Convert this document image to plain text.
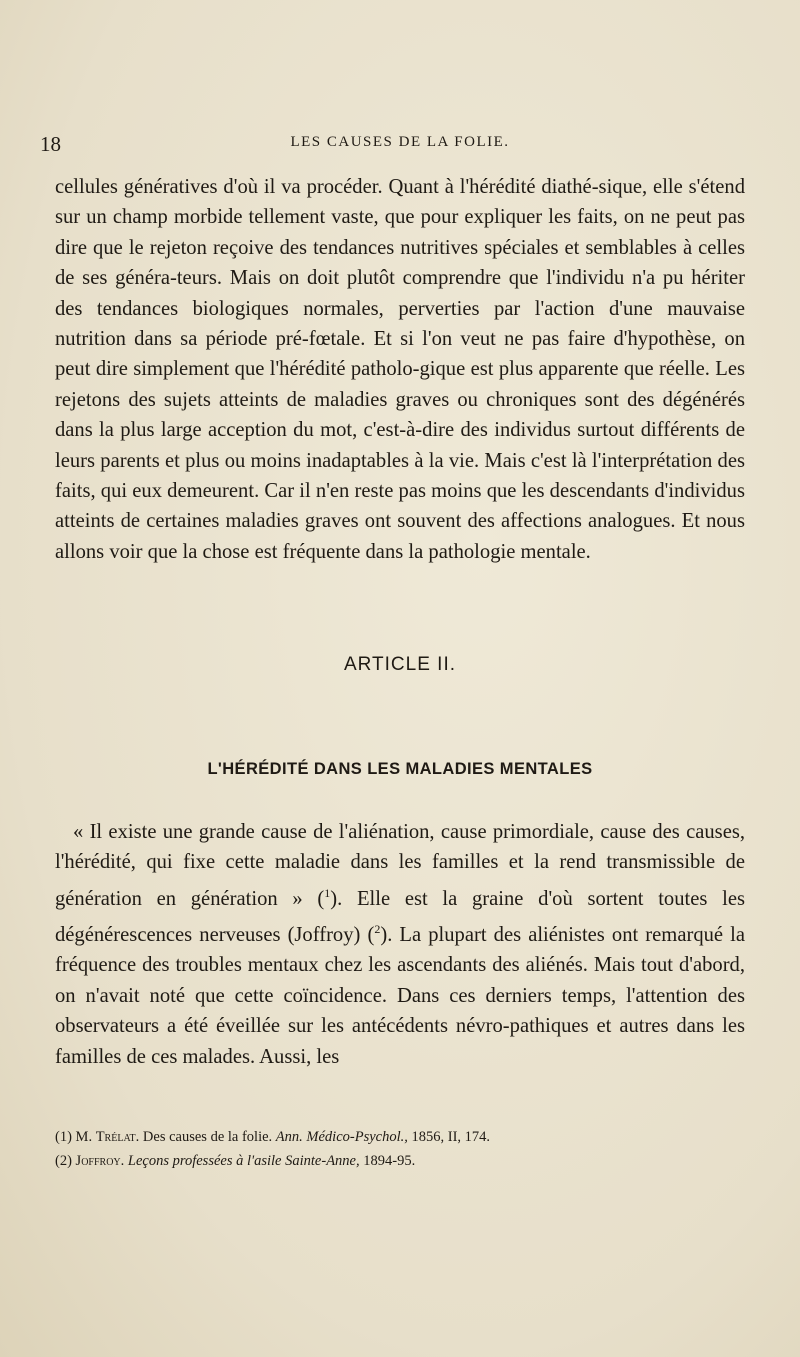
18	LES CAUSES DE LA FOLIE.

cellules génératives d'où il va procéder. Quant à l'hérédité diathé-sique, elle s'étend sur un champ morbide tellement vaste, que pour expliquer les faits, on ne peut pas dire que le rejeton reçoive des tendances nutritives spéciales et semblables à celles de ses généra-teurs. Mais on doit plutôt comprendre que l'individu n'a pu hériter des tendances biologiques normales, perverties par l'action d'une mauvaise nutrition dans sa période pré-fœtale. Et si l'on veut ne pas faire d'hypothèse, on peut dire simplement que l'hérédité patholo-gique est plus apparente que réelle. Les rejetons des sujets atteints de maladies graves ou chroniques sont des dégénérés dans la plus large acception du mot, c'est-à-dire des individus surtout différents de leurs parents et plus ou moins inadaptables à la vie. Mais c'est là l'interprétation des faits, qui eux demeurent. Car il n'en reste pas moins que les descendants d'individus atteints de certaines maladies graves ont souvent des affections analogues. Et nous allons voir que la chose est fréquente dans la pathologie mentale.

ARTICLE II.
L'HÉRÉDITÉ DANS LES MALADIES MENTALES

« Il existe une grande cause de l'aliénation, cause primordiale, cause des causes, l'hérédité, qui fixe cette maladie dans les familles et la rend transmissible de génération en génération » ($^1$). Elle est la graine d'où sortent toutes les dégénérescences nerveuses (Joffroy) ($^2$). La plupart des aliénistes ont remarqué la fréquence des troubles mentaux chez les ascendants des aliénés. Mais tout d'abord, on n'avait noté que cette coïncidence. Dans ces derniers temps, l'attention des observateurs a été éveillée sur les antécédents névro-pathiques et autres dans les familles de ces malades. Aussi, les

(1) M. Trélat. Des causes de la folie. Ann. Médico-Psychol., 1856, II, 174.
(2) Joffroy. Leçons professées à l'asile Sainte-Anne, 1894-95.
